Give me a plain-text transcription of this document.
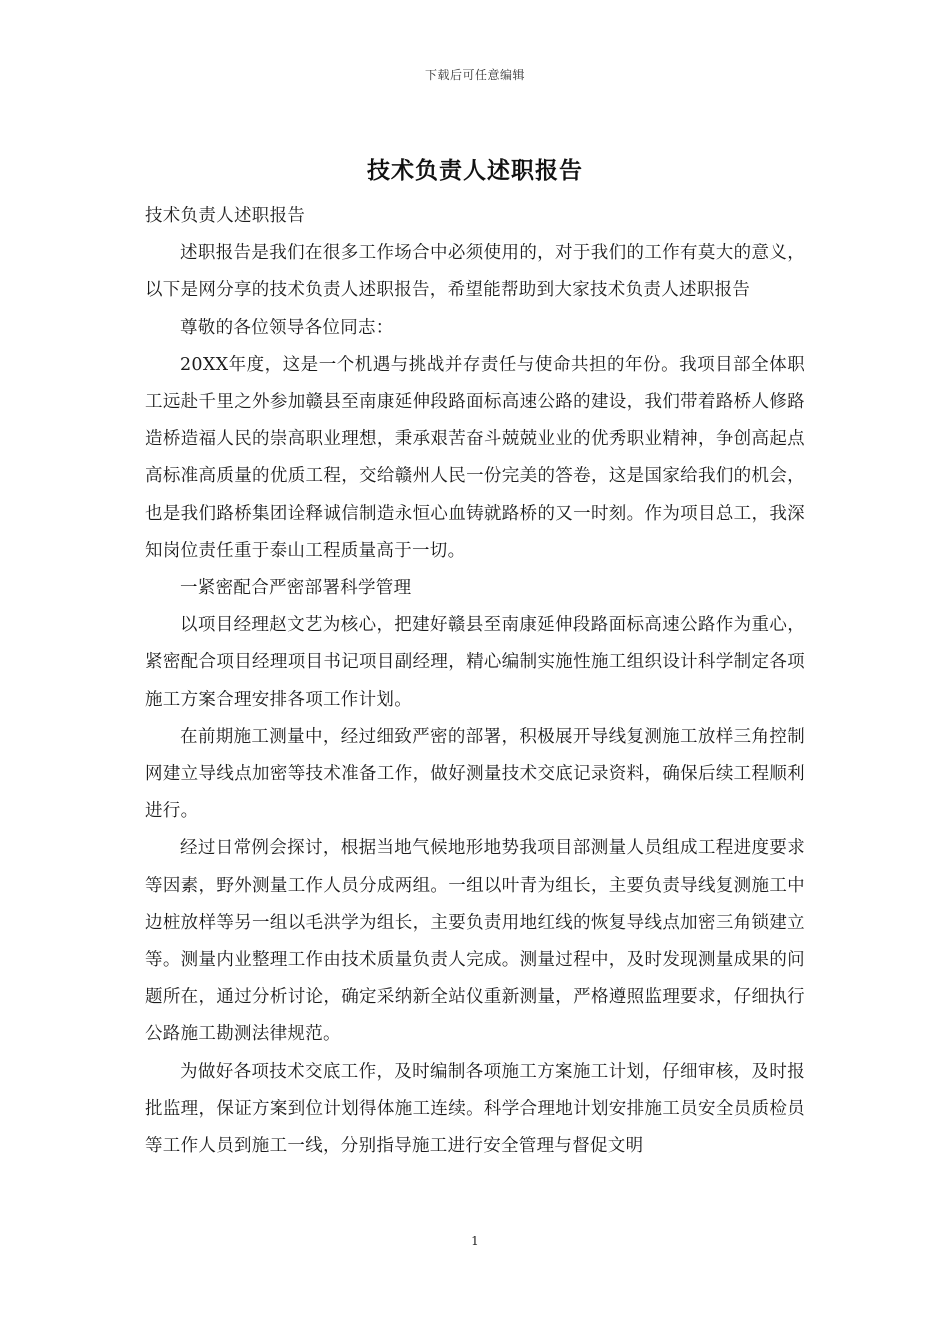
下载后可任意编辑
技术负责人述职报告

技术负责人述职报告

述职报告是我们在很多工作场合中必须使用的，对于我们的工作有莫大的意义，以下是网分享的技术负责人述职报告，希望能帮助到大家技术负责人述职报告

尊敬的各位领导各位同志：

20XX年度，这是一个机遇与挑战并存责任与使命共担的年份。我项目部全体职工远赴千里之外参加赣县至南康延伸段路面标高速公路的建设，我们带着路桥人修路造桥造福人民的崇高职业理想，秉承艰苦奋斗兢兢业业的优秀职业精神，争创高起点高标准高质量的优质工程，交给赣州人民一份完美的答卷，这是国家给我们的机会，也是我们路桥集团诠释诚信制造永恒心血铸就路桥的又一时刻。作为项目总工，我深知岗位责任重于泰山工程质量高于一切。

一紧密配合严密部署科学管理

以项目经理赵文艺为核心，把建好赣县至南康延伸段路面标高速公路作为重心，紧密配合项目经理项目书记项目副经理，精心编制实施性施工组织设计科学制定各项施工方案合理安排各项工作计划。

在前期施工测量中，经过细致严密的部署，积极展开导线复测施工放样三角控制网建立导线点加密等技术准备工作，做好测量技术交底记录资料，确保后续工程顺利进行。

经过日常例会探讨，根据当地气候地形地势我项目部测量人员组成工程进度要求等因素，野外测量工作人员分成两组。一组以叶青为组长，主要负责导线复测施工中边桩放样等另一组以毛洪学为组长，主要负责用地红线的恢复导线点加密三角锁建立等。测量内业整理工作由技术质量负责人完成。测量过程中，及时发现测量成果的问题所在，通过分析讨论，确定采纳新全站仪重新测量，严格遵照监理要求，仔细执行公路施工勘测法律规范。

为做好各项技术交底工作，及时编制各项施工方案施工计划，仔细审核，及时报批监理，保证方案到位计划得体施工连续。科学合理地计划安排施工员安全员质检员等工作人员到施工一线，分别指导施工进行安全管理与督促文明

1
